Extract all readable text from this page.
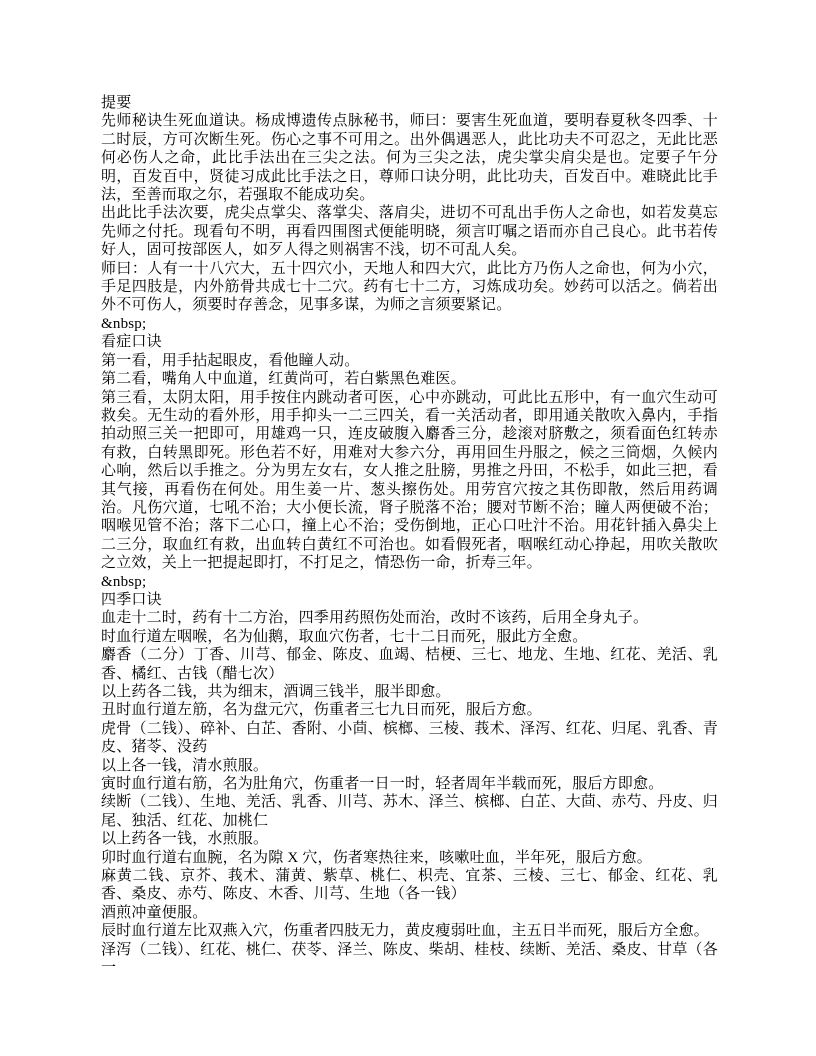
提要

先师秘诀生死血道诀。杨成博遗传点脉秘书，师曰：要害生死血道，要明春夏秋冬四季、十二时辰，方可次断生死。伤心之事不可用之。出外偶遇恶人，此比功夫不可忍之，无此比恶何必伤人之命，此比手法出在三尖之法。何为三尖之法，虎尖掌尖肩尖是也。定要子午分明，百发百中，贤徒习成此比手法之日，尊师口诀分明，此比功夫，百发百中。难晓此比手法，至善而取之尔，若强取不能成功矣。

出此比手法次要，虎尖点掌尖、落掌尖、落肩尖，进切不可乱出手伤人之命也，如若发莫忘先师之付托。现看句不明，再看四围图式便能明晓，须言叮嘱之语而亦自己良心。此书若传好人，固可按部医人，如歹人得之则祸害不浅，切不可乱人矣。

师曰：人有一十八穴大，五十四穴小，天地人和四大穴，此比方乃伤人之命也，何为小穴，手足四肢是，内外筋骨共成七十二穴。药有七十二方，习炼成功矣。妙药可以活之。倘若出外不可伤人，须要时存善念，见事多谋，为师之言须要紧记。

&nbsp;

看症口诀

第一看，用手拈起眼皮，看他瞳人动。

第二看，嘴角人中血道，红黄尚可，若白紫黑色难医。

第三看，太阴太阳，用手按住内跳动者可医，心中亦跳动，可此比五形中，有一血穴生动可救矣。无生动的看外形，用手抑头一二三四关，看一关活动者，即用通关散吹入鼻内，手指拍动照三关一把即可，用雄鸡一只，连皮破腹入麝香三分，趁滚对脐敷之，须看面色红转赤有救，白转黑即死。形色若不好，用难对大参六分，再用回生丹服之，候之三筒烟，久候内心响，然后以手推之。分为男左女右，女人推之肚膀，男推之丹田，不松手，如此三把，看其气接，再看伤在何处。用生姜一片、葱头擦伤处。用劳宫穴按之其伤即散，然后用药调治。凡伤穴道，七吼不治；大小便长流，肾子脱落不治；腰对节断不治；瞳人两便破不治；咽喉见管不治；落下二心口，撞上心不治；受伤倒地，正心口吐汁不治。用花针插入鼻尖上二三分，取血红有救，出血转白黄红不可治也。如看假死者，咽喉红动心挣起，用吹关散吹之立效，关上一把提起即打，不打足之，情恐伤一命，折寿三年。

&nbsp;

四季口诀

血走十二时，药有十二方治，四季用药照伤处而治，改时不该药，后用全身丸子。

时血行道左咽喉，名为仙鹅，取血穴伤者，七十二日而死，服此方全愈。

麝香（二分）丁香、川芎、郁金、陈皮、血竭、桔梗、三七、地龙、生地、红花、羌活、乳香、橘红、古钱（醋七次）

以上药各二钱，共为细末，酒调三钱半，服半即愈。

丑时血行道左筋，名为盘元穴，伤重者三七九日而死，服后方愈。

虎骨（二钱）、碎补、白芷、香附、小茴、槟榔、三棱、莪术、泽泻、红花、归尾、乳香、青皮、猪苓、没药

以上各一钱，清水煎服。

寅时血行道右筋，名为肚角穴，伤重者一日一时，轻者周年半载而死，服后方即愈。

续断（二钱）、生地、羌活、乳香、川芎、苏木、泽兰、槟榔、白芷、大茴、赤芍、丹皮、归尾、独活、红花、加桃仁

以上药各一钱，水煎服。

卯时血行道右血腕，名为隙 X 穴，伤者寒热往来，咳嗽吐血，半年死，服后方愈。

麻黄二钱、京芥、莪术、蒲黄、紫草、桃仁、枳壳、宜茶、三棱、三七、郁金、红花、乳香、桑皮、赤芍、陈皮、木香、川芎、生地（各一钱）

酒煎冲童便服。

辰时血行道左比双燕入穴，伤重者四肢无力，黄皮瘦弱吐血，主五日半而死，服后方全愈。

泽泻（二钱）、红花、桃仁、茯苓、泽兰、陈皮、柴胡、桂枝、续断、羌活、桑皮、甘草（各一
